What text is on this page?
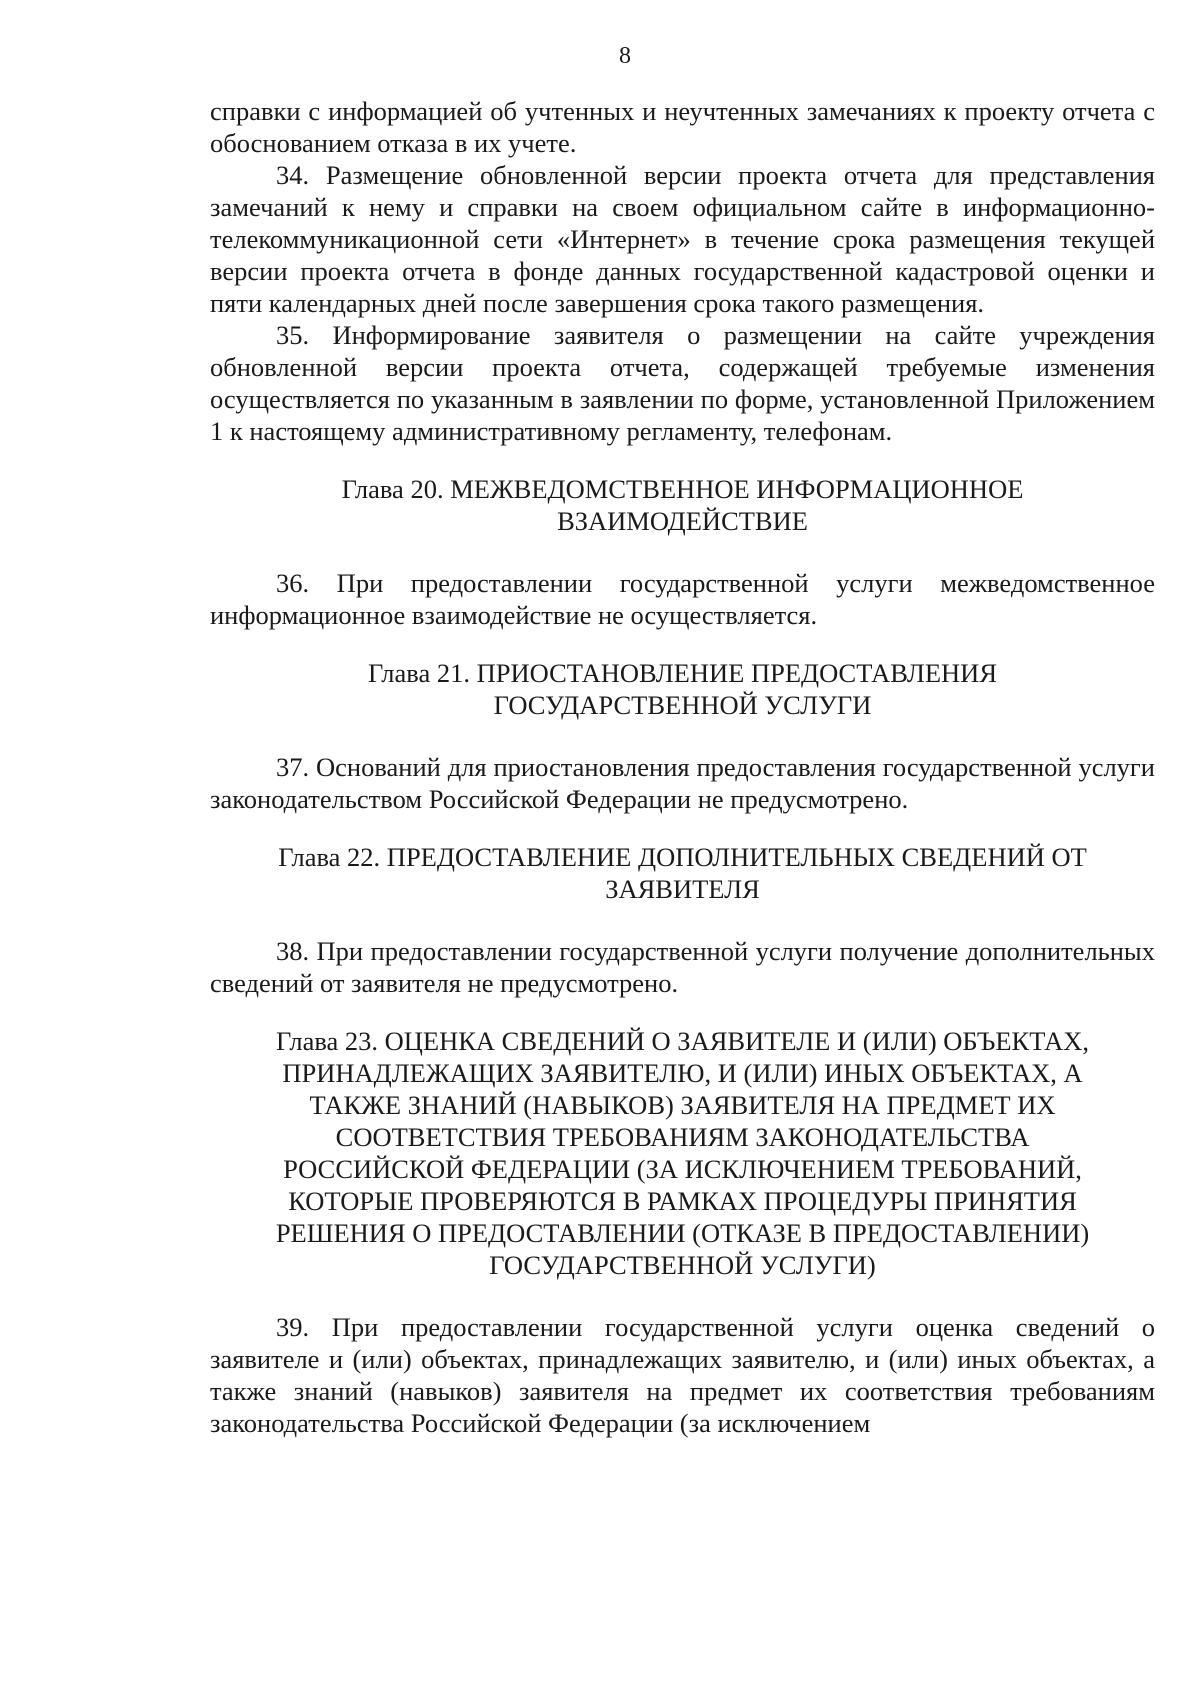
8

справки с информацией об учтенных и неучтенных замечаниях к проекту отчета с обоснованием отказа в их учете.

34. Размещение обновленной версии проекта отчета для представления замечаний к нему и справки на своем официальном сайте в информационно-телекоммуникационной сети «Интернет» в течение срока размещения текущей версии проекта отчета в фонде данных государственной кадастровой оценки и пяти календарных дней после завершения срока такого размещения.

35. Информирование заявителя о размещении на сайте учреждения обновленной версии проекта отчета, содержащей требуемые изменения осуществляется по указанным в заявлении по форме, установленной Приложением 1 к настоящему административному регламенту, телефонам.

Глава 20. МЕЖВЕДОМСТВЕННОЕ ИНФОРМАЦИОННОЕ
ВЗАИМОДЕЙСТВИЕ

36. При предоставлении государственной услуги межведомственное информационное взаимодействие не осуществляется.

Глава 21. ПРИОСТАНОВЛЕНИЕ ПРЕДОСТАВЛЕНИЯ
ГОСУДАРСТВЕННОЙ УСЛУГИ

37. Оснований для приостановления предоставления государственной услуги законодательством Российской Федерации не предусмотрено.

Глава 22. ПРЕДОСТАВЛЕНИЕ ДОПОЛНИТЕЛЬНЫХ СВЕДЕНИЙ ОТ
ЗАЯВИТЕЛЯ

38. При предоставлении государственной услуги получение дополнительных сведений от заявителя не предусмотрено.

Глава 23. ОЦЕНКА СВЕДЕНИЙ О ЗАЯВИТЕЛЕ И (ИЛИ) ОБЪЕКТАХ,
ПРИНАДЛЕЖАЩИХ ЗАЯВИТЕЛЮ, И (ИЛИ) ИНЫХ ОБЪЕКТАХ, А
ТАКЖЕ ЗНАНИЙ (НАВЫКОВ) ЗАЯВИТЕЛЯ НА ПРЕДМЕТ ИХ
СООТВЕТСТВИЯ ТРЕБОВАНИЯМ ЗАКОНОДАТЕЛЬСТВА
РОССИЙСКОЙ ФЕДЕРАЦИИ (ЗА ИСКЛЮЧЕНИЕМ ТРЕБОВАНИЙ,
КОТОРЫЕ ПРОВЕРЯЮТСЯ В РАМКАХ ПРОЦЕДУРЫ ПРИНЯТИЯ
РЕШЕНИЯ О ПРЕДОСТАВЛЕНИИ (ОТКАЗЕ В ПРЕДОСТАВЛЕНИИ)
ГОСУДАРСТВЕННОЙ УСЛУГИ)

39. При предоставлении государственной услуги оценка сведений о заявителе и (или) объектах, принадлежащих заявителю, и (или) иных объектах, а также знаний (навыков) заявителя на предмет их соответствия требованиям законодательства Российской Федерации (за исключением
